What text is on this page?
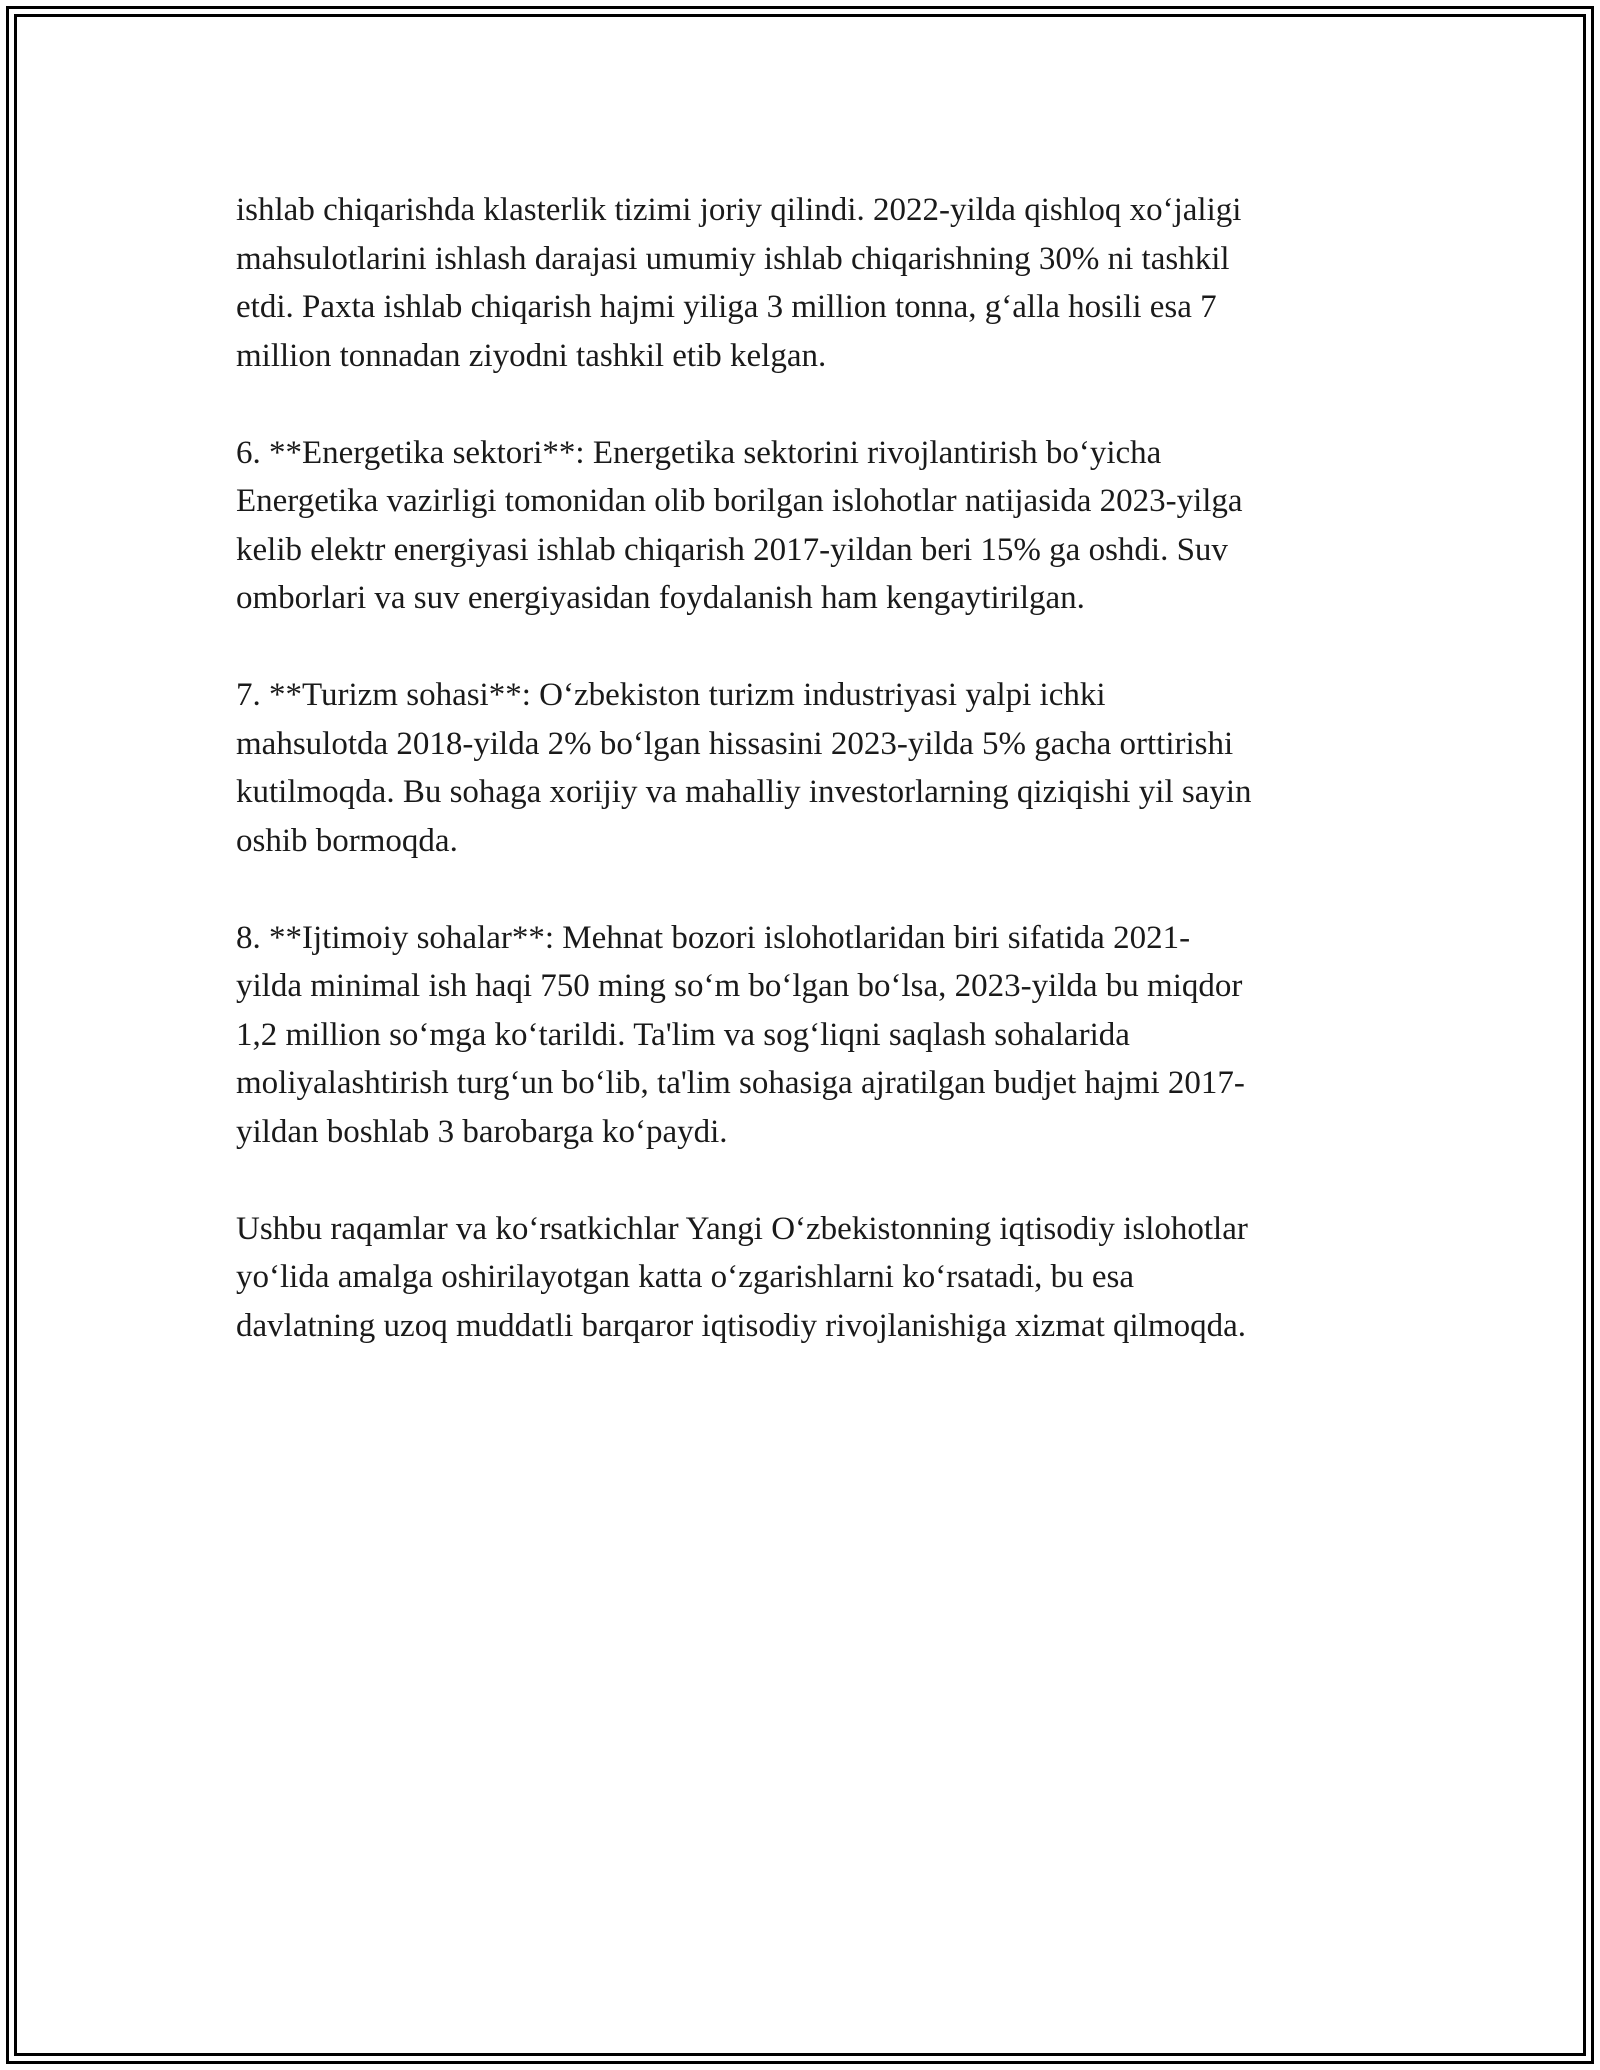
ishlab chiqarishda klasterlik tizimi joriy qilindi. 2022-yilda qishloq xo‘jaligi
mahsulotlarini ishlash darajasi umumiy ishlab chiqarishning 30% ni tashkil
etdi. Paxta ishlab chiqarish hajmi yiliga 3 million tonna, g‘alla hosili esa 7
million tonnadan ziyodni tashkil etib kelgan.

6. **Energetika sektori**: Energetika sektorini rivojlantirish bo‘yicha
Energetika vazirligi tomonidan olib borilgan islohotlar natijasida 2023-yilga
kelib elektr energiyasi ishlab chiqarish 2017-yildan beri 15% ga oshdi. Suv
omborlari va suv energiyasidan foydalanish ham kengaytirilgan.

7. **Turizm sohasi**: O‘zbekiston turizm industriyasi yalpi ichki
mahsulotda 2018-yilda 2% bo‘lgan hissasini 2023-yilda 5% gacha orttirishi
kutilmoqda. Bu sohaga xorijiy va mahalliy investorlarning qiziqishi yil sayin
oshib bormoqda.

8. **Ijtimoiy sohalar**: Mehnat bozori islohotlaridan biri sifatida 2021-
yilda minimal ish haqi 750 ming so‘m bo‘lgan bo‘lsa, 2023-yilda bu miqdor
1,2 million so‘mga ko‘tarildi. Ta'lim va sog‘liqni saqlash sohalarida
moliyalashtirish turg‘un bo‘lib, ta'lim sohasiga ajratilgan budjet hajmi 2017-
yildan boshlab 3 barobarga ko‘paydi.

Ushbu raqamlar va ko‘rsatkichlar Yangi O‘zbekistonning iqtisodiy islohotlar
yo‘lida amalga oshirilayotgan katta o‘zgarishlarni ko‘rsatadi, bu esa
davlatning uzoq muddatli barqaror iqtisodiy rivojlanishiga xizmat qilmoqda.
